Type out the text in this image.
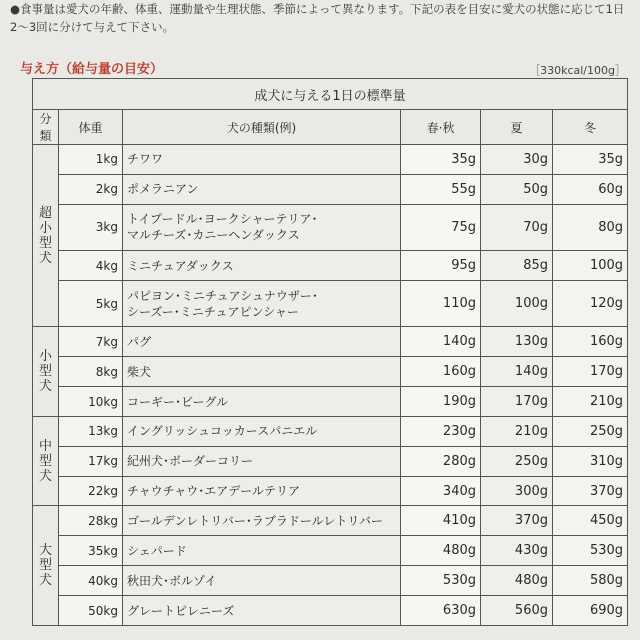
●食事量は愛犬の年齢、体重、運動量や生理状態、季節によって異なります。下記の表を目安に愛犬の状態に応じて1日2〜3回に分けて与えて下さい。
与え方（給与量の目安）	［330kcal/100g］
成犬に与える1日の標準量					
分類	体重	犬の種類(例)	春·秋	夏	冬
超小型犬	1kg	チワワ	35g	30g	35g
	2kg	ポメラニアン	55g	50g	60g
	3kg	トイプードル･ヨークシャーテリア･
マルチーズ･カニーヘンダックス	75g	70g	80g
	4kg	ミニチュアダックス	95g	85g	100g
	5kg	パピヨン･ミニチュアシュナウザー･
シーズー･ミニチュアピンシャー	110g	100g	120g
小型犬	7kg	パグ	140g	130g	160g
	8kg	柴犬	160g	140g	170g
	10kg	コーギー･ビーグル	190g	170g	210g
中型犬	13kg	イングリッシュコッカースパニエル	230g	210g	250g
	17kg	紀州犬･ボーダーコリー	280g	250g	310g
	22kg	チャウチャウ･エアデールテリア	340g	300g	370g
大型犬	28kg	ゴールデンレトリバー･ラブラドールレトリバー	410g	370g	450g
	35kg	シェパード	480g	430g	530g
	40kg	秋田犬･ボルゾイ	530g	480g	580g
	50kg	グレートピレニーズ	630g	560g	690g
